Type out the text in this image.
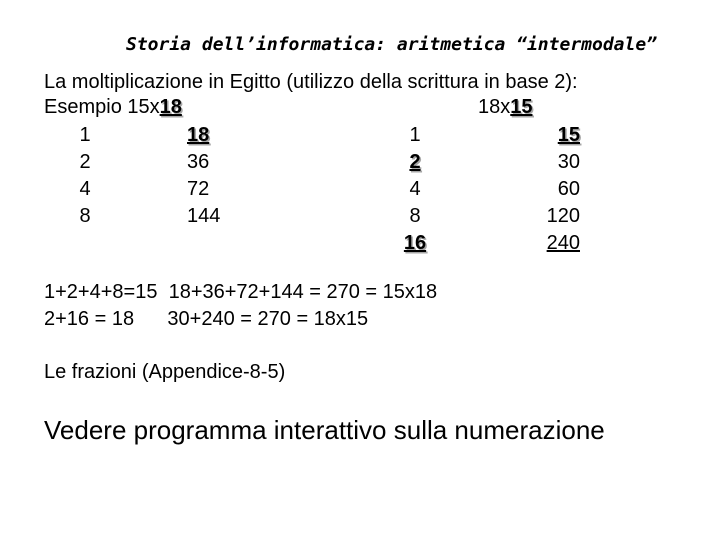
Storia dell’informatica: aritmetica “intermodale”
La moltiplicazione in Egitto (utilizzo della scrittura in base 2):
Esempio 15x18	18x15
1
2
4
8
18
36
72
144
1
2
4
8
16
15
30
60
120
240
1+2+4+8=15  18+36+72+144 = 270 = 15x18
2+16 = 18      30+240 = 270 = 18x15
Le frazioni (Appendice-8-5)
Vedere programma interattivo sulla numerazione
